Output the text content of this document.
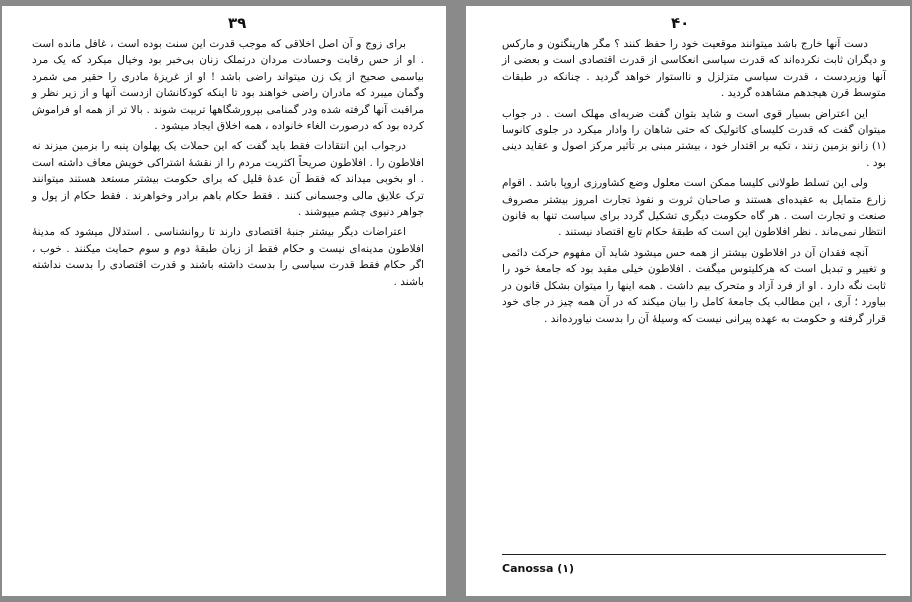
۳۹

برای زوج و آن اصل اخلاقی که موجب قدرت این سنت بوده است ، غافل مانده است . او از حس رقابت وحسادت مردان درتملک زنان بی‌خبر بود وخیال میکرد که یک مرد بیاسمی صحیح از یک زن میتواند راضی باشد ! او از غریزهٔ مادری را حقیر می شمرد وگمان میبرد که مادران راضی خواهند بود تا اینکه کودکانشان ازدست آنها و از زیر نظر و مراقبت آنها گرفته شده ودر گمنامی بپرورشگاهها تربیت شوند . بالا تر از همه او فراموش کرده بود که درصورت الغاء خانواده ، همه اخلاق ایجاد میشود .

درجواب این انتقادات فقط باید گفت که این حملات یک پهلوان پنبه را بزمین میزند نه افلاطون را . افلاطون صریحاً اکثریت مردم را از نقشهٔ اشتراکی خویش معاف داشته است . او بخوبی میداند که فقط آن عدهٔ قلیل که برای حکومت بیشتر مستعد هستند میتوانند ترک علایق مالی وجسمانی کنند . فقط حکام باهم برادر وخواهرند . فقط حکام از پول و جواهر دنیوی چشم میپوشند .

اعتراضات دیگر بیشتر جنبهٔ اقتصادی دارند تا روانشناسی . استدلال میشود که مدینهٔ افلاطون مدینه‌ای نیست و حکام فقط از زبان طبقهٔ دوم و سوم حمایت میکنند . خوب ، اگر حکام فقط قدرت سیاسی را بدست داشته باشند و قدرت اقتصادی را بدست نداشته باشند .

۴۰

دست آنها خارج باشد میتوانند موقعیت خود را حفظ کنند ؟ مگر هارینگتون و مارکس و دیگران ثابت نکرده‌اند که قدرت سیاسی انعکاسی از قدرت اقتصادی است و بعضی از آنها وزیردست ، قدرت سیاسی متزلزل و نااستوار خواهد گردید . چنانکه در طبقات متوسط قرن هیجدهم مشاهده گردید .

این اعتراض بسیار قوی است و شاید بتوان گفت ضربه‌ای مهلک است . در جواب میتوان گفت که قدرت کلیسای کاتولیک که حتی شاهان را وادار میکرد در جلوی کانوسا (۱) زانو بزمین زنند ، تکیه بر اقتدار خود ، بیشتر مبنی بر تأثیر مرکز اصول و عقاید دینی بود .

ولی این تسلط طولانی کلیسا ممکن است معلول وضع کشاورزی اروپا باشد . اقوام زارع متمایل به عقیده‌ای هستند و صاحبان ثروت و نفوذ تجارت امروز بیشتر مصروف صنعت و تجارت است . هر گاه حکومت دیگری تشکیل گردد برای سیاست تنها به قانون انتظار نمی‌ماند . نظر افلاطون این است که طبقهٔ حکام تابع اقتصاد نیستند .

آنچه فقدان آن در افلاطون بیشتر از همه حس میشود شاید آن مفهوم حرکت دائمی و تغییر و تبدیل است که هرکلیتوس میگفت . افلاطون خیلی مقید بود که جامعهٔ خود را ثابت نگه دارد . او از فرد آزاد و متحرک بیم داشت . همه اینها را میتوان بشکل قانون در بیاورد ؛ آری ، این مطالب یک جامعهٔ کامل را بیان میکند که در آن همه چیز در جای خود قرار گرفته و حکومت به عهده پیرانی نیست که وسیلهٔ آن را بدست نیاورده‌اند .

Canossa (۱)
